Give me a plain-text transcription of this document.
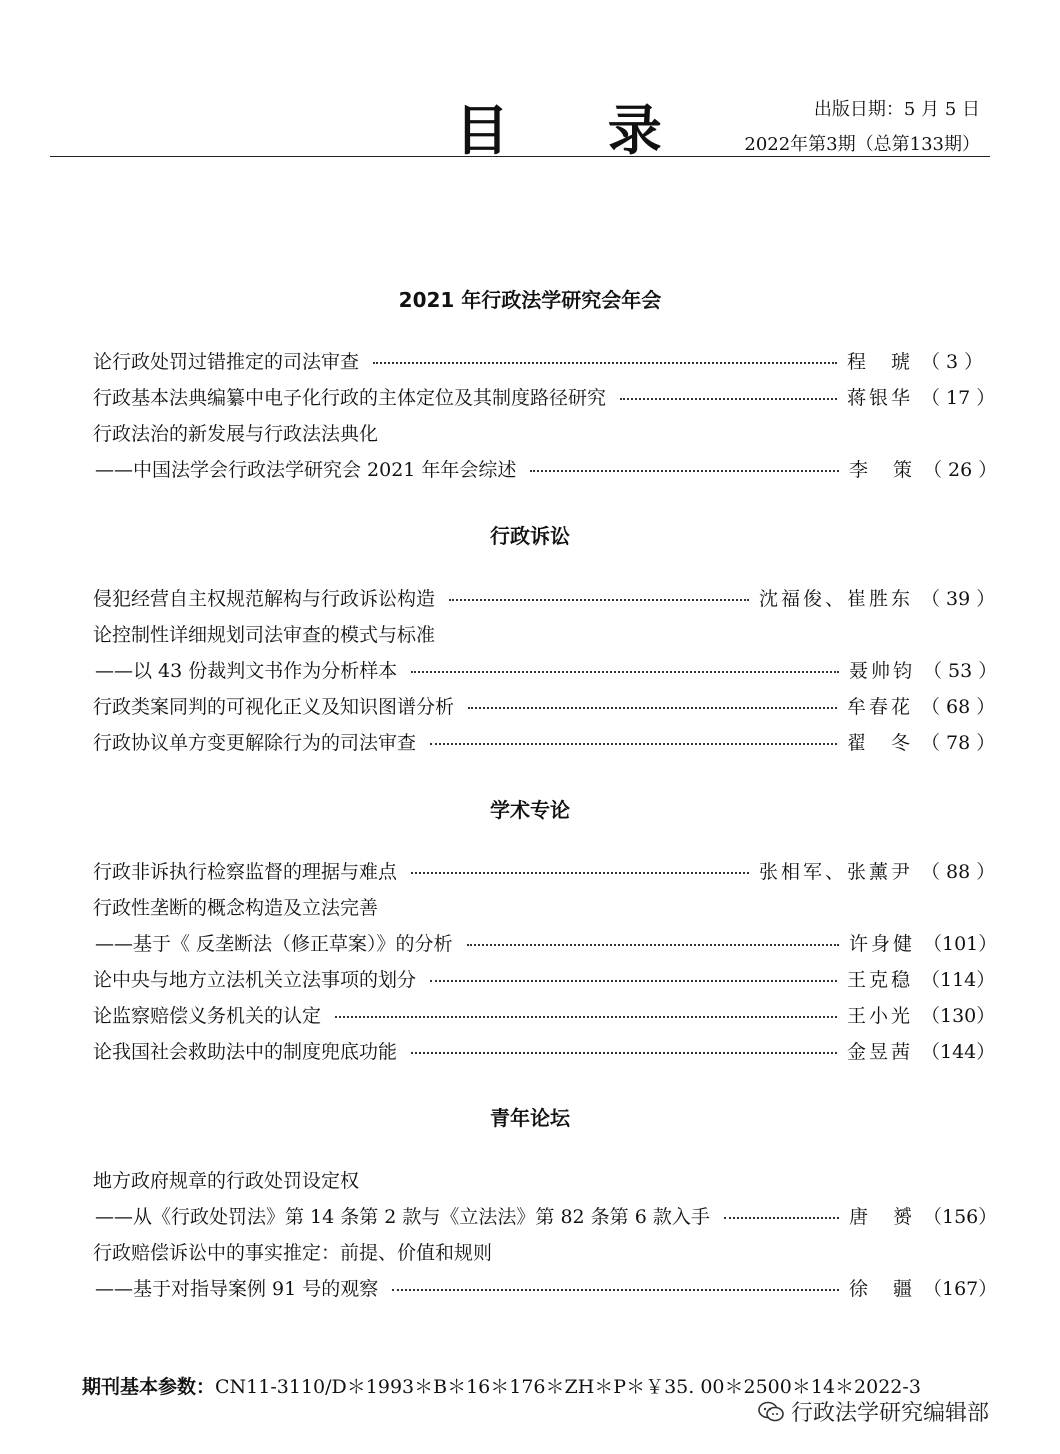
目 录	出版日期：5 月 5 日
2022年第3期（总第133期）
2021 年行政法学研究会年会
论行政处罚过错推定的司法审查	程　琥 （ 3 ）
行政基本法典编纂中电子化行政的主体定位及其制度路径研究	蒋银华 （ 17 ）
行政法治的新发展与行政法法典化
——中国法学会行政法学研究会 2021 年年会综述	李　策 （ 26 ）
行政诉讼
侵犯经营自主权规范解构与行政诉讼构造	沈福俊、崔胜东 （ 39 ）
论控制性详细规划司法审查的模式与标准
——以 43 份裁判文书作为分析样本	聂帅钧 （ 53 ）
行政类案同判的可视化正义及知识图谱分析	牟春花 （ 68 ）
行政协议单方变更解除行为的司法审查	翟　冬 （ 78 ）
学术专论
行政非诉执行检察监督的理据与难点	张相军、张薰尹 （ 88 ）
行政性垄断的概念构造及立法完善
——基于《 反垄断法（修正草案）》的分析	许身健 （101）
论中央与地方立法机关立法事项的划分	王克稳 （114）
论监察赔偿义务机关的认定	王小光 （130）
论我国社会救助法中的制度兜底功能	金昱茜 （144）
青年论坛
地方政府规章的行政处罚设定权
——从《行政处罚法》第 14 条第 2 款与《立法法》第 82 条第 6 款入手	唐　赟 （156）
行政赔偿诉讼中的事实推定：前提、价值和规则
——基于对指导案例 91 号的观察	徐　疆 （167）
期刊基本参数：CN11-3110/D＊1993＊B＊16＊176＊ZH＊P＊￥35. 00＊2500＊14＊2022-3
行政法学研究编辑部
